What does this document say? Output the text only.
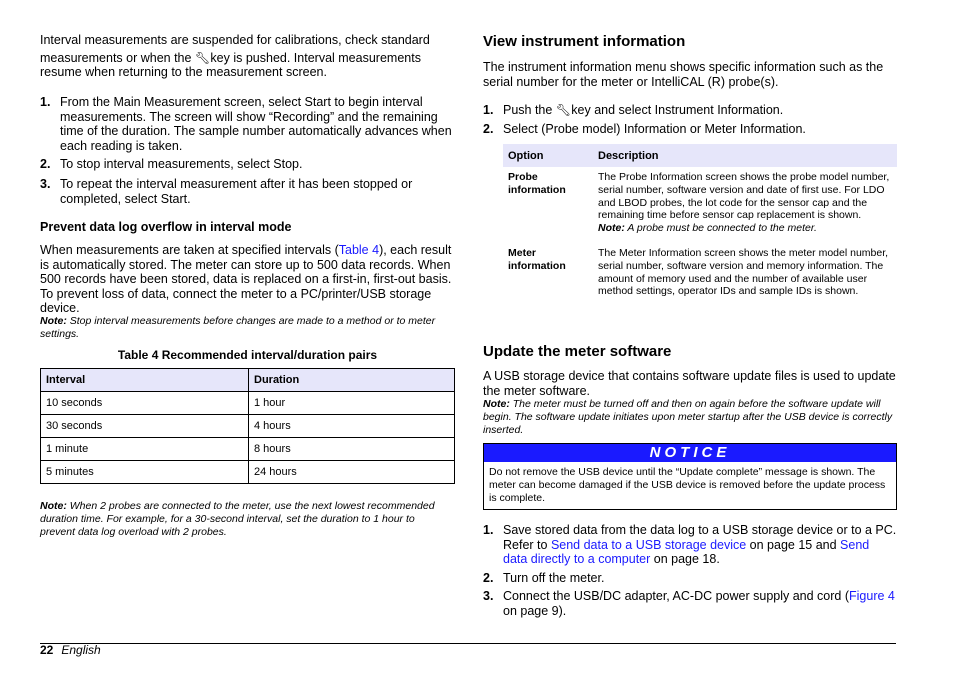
Interval measurements are suspended for calibrations, check standard

measurements or when the 🔧︎ key is pushed. Interval measurements

resume when returning to the measurement screen.

1. From the Main Measurement screen, select Start to begin interval measurements. The screen will show “Recording” and the remaining time of the duration. The sample number automatically advances when each reading is taken.
2. To stop interval measurements, select Stop.
3. To repeat the interval measurement after it has been stopped or completed, select Start.

Prevent data log overflow in interval mode

When measurements are taken at specified intervals (Table 4), each result is automatically stored. The meter can store up to 500 data records. When 500 records have been stored, data is replaced on a first-in, first-out basis. To prevent loss of data, connect the meter to a PC/printer/USB storage device.

Note: Stop interval measurements before changes are made to a method or to meter settings.

Table 4 Recommended interval/duration pairs

Interval	Duration
10 seconds	1 hour
30 seconds	4 hours
1 minute	8 hours
5 minutes	24 hours

Note: When 2 probes are connected to the meter, use the next lowest recommended duration time. For example, for a 30-second interval, set the duration to 1 hour to prevent data log overload with 2 probes.

View instrument information

The instrument information menu shows specific information such as the serial number for the meter or IntelliCAL (R) probe(s).

1. Push the 🔧︎ key and select Instrument Information.
2. Select (Probe model) Information or Meter Information.
Option	Description
Probe information	The Probe Information screen shows the probe model number, serial number, software version and date of first use. For LDO and LBOD probes, the lot code for the sensor cap and the remaining time before sensor cap replacement is shown.
Note: A probe must be connected to the meter.
Meter information	The Meter Information screen shows the meter model number, serial number, software version and memory information. The amount of memory used and the number of available user method settings, operator IDs and sample IDs is shown.

Update the meter software

A USB storage device that contains software update files is used to update the meter software.

Note: The meter must be turned off and then on again before the software update will begin. The software update initiates upon meter startup after the USB device is correctly inserted.

1. Save stored data from the data log to a USB storage device or to a PC. Refer to Send data to a USB storage device on page 15 and Send data directly to a computer on page 18.
2. Turn off the meter.
3. Connect the USB/DC adapter, AC-DC power supply and cord (Figure 4 on page 9).
NOTICE
Do not remove the USB device until the “Update complete” message is shown. The meter can become damaged if the USB device is removed before the update process is complete.
22 English
